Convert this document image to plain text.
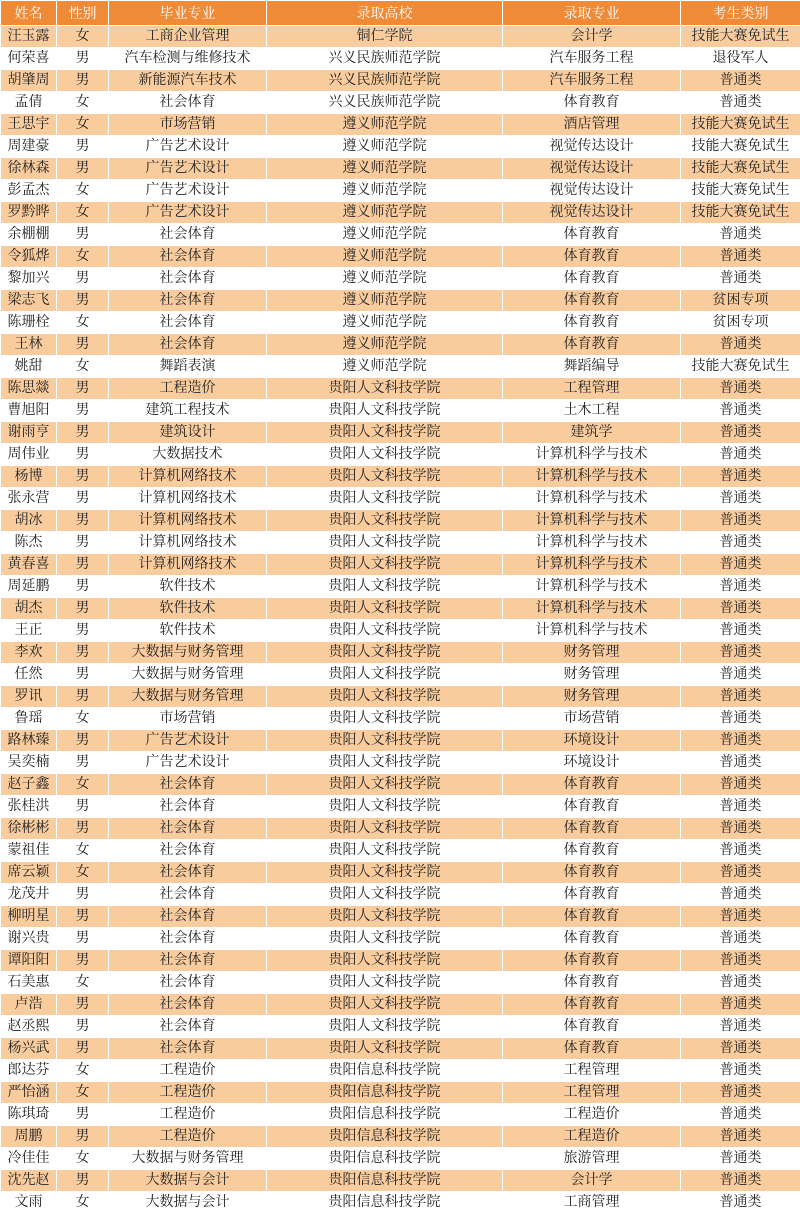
姓名	性别	毕业专业	录取高校	录取专业	考生类别
汪玉露	女	工商企业管理	铜仁学院	会计学	技能大赛免试生
何荣喜	男	汽车检测与维修技术	兴义民族师范学院	汽车服务工程	退役军人
胡肇周	男	新能源汽车技术	兴义民族师范学院	汽车服务工程	普通类
孟倩	女	社会体育	兴义民族师范学院	体育教育	普通类
王思宇	女	市场营销	遵义师范学院	酒店管理	技能大赛免试生
周建豪	男	广告艺术设计	遵义师范学院	视觉传达设计	技能大赛免试生
徐林森	男	广告艺术设计	遵义师范学院	视觉传达设计	技能大赛免试生
彭孟杰	女	广告艺术设计	遵义师范学院	视觉传达设计	技能大赛免试生
罗黔晔	女	广告艺术设计	遵义师范学院	视觉传达设计	技能大赛免试生
余棚棚	男	社会体育	遵义师范学院	体育教育	普通类
令狐烨	女	社会体育	遵义师范学院	体育教育	普通类
黎加兴	男	社会体育	遵义师范学院	体育教育	普通类
梁志飞	男	社会体育	遵义师范学院	体育教育	贫困专项
陈珊栓	女	社会体育	遵义师范学院	体育教育	贫困专项
王林	男	社会体育	遵义师范学院	体育教育	普通类
姚甜	女	舞蹈表演	遵义师范学院	舞蹈编导	技能大赛免试生
陈思燚	男	工程造价	贵阳人文科技学院	工程管理	普通类
曹旭阳	男	建筑工程技术	贵阳人文科技学院	土木工程	普通类
谢雨亨	男	建筑设计	贵阳人文科技学院	建筑学	普通类
周伟业	男	大数据技术	贵阳人文科技学院	计算机科学与技术	普通类
杨博	男	计算机网络技术	贵阳人文科技学院	计算机科学与技术	普通类
张永营	男	计算机网络技术	贵阳人文科技学院	计算机科学与技术	普通类
胡冰	男	计算机网络技术	贵阳人文科技学院	计算机科学与技术	普通类
陈杰	男	计算机网络技术	贵阳人文科技学院	计算机科学与技术	普通类
黄春喜	男	计算机网络技术	贵阳人文科技学院	计算机科学与技术	普通类
周延鹏	男	软件技术	贵阳人文科技学院	计算机科学与技术	普通类
胡杰	男	软件技术	贵阳人文科技学院	计算机科学与技术	普通类
王正	男	软件技术	贵阳人文科技学院	计算机科学与技术	普通类
李欢	男	大数据与财务管理	贵阳人文科技学院	财务管理	普通类
任然	男	大数据与财务管理	贵阳人文科技学院	财务管理	普通类
罗讯	男	大数据与财务管理	贵阳人文科技学院	财务管理	普通类
鲁瑶	女	市场营销	贵阳人文科技学院	市场营销	普通类
路林臻	男	广告艺术设计	贵阳人文科技学院	环境设计	普通类
吴奕楠	男	广告艺术设计	贵阳人文科技学院	环境设计	普通类
赵子鑫	女	社会体育	贵阳人文科技学院	体育教育	普通类
张桂洪	男	社会体育	贵阳人文科技学院	体育教育	普通类
徐彬彬	男	社会体育	贵阳人文科技学院	体育教育	普通类
蒙祖佳	女	社会体育	贵阳人文科技学院	体育教育	普通类
席云颖	女	社会体育	贵阳人文科技学院	体育教育	普通类
龙茂井	男	社会体育	贵阳人文科技学院	体育教育	普通类
柳明星	男	社会体育	贵阳人文科技学院	体育教育	普通类
谢兴贵	男	社会体育	贵阳人文科技学院	体育教育	普通类
谭阳阳	男	社会体育	贵阳人文科技学院	体育教育	普通类
石美惠	女	社会体育	贵阳人文科技学院	体育教育	普通类
卢浩	男	社会体育	贵阳人文科技学院	体育教育	普通类
赵丞熙	男	社会体育	贵阳人文科技学院	体育教育	普通类
杨兴武	男	社会体育	贵阳人文科技学院	体育教育	普通类
郎达芬	女	工程造价	贵阳信息科技学院	工程管理	普通类
严怡涵	女	工程造价	贵阳信息科技学院	工程管理	普通类
陈琪琦	男	工程造价	贵阳信息科技学院	工程造价	普通类
周鹏	男	工程造价	贵阳信息科技学院	工程造价	普通类
冷佳佳	女	大数据与财务管理	贵阳信息科技学院	旅游管理	普通类
沈先赵	男	大数据与会计	贵阳信息科技学院	会计学	普通类
文雨	女	大数据与会计	贵阳信息科技学院	工商管理	普通类
